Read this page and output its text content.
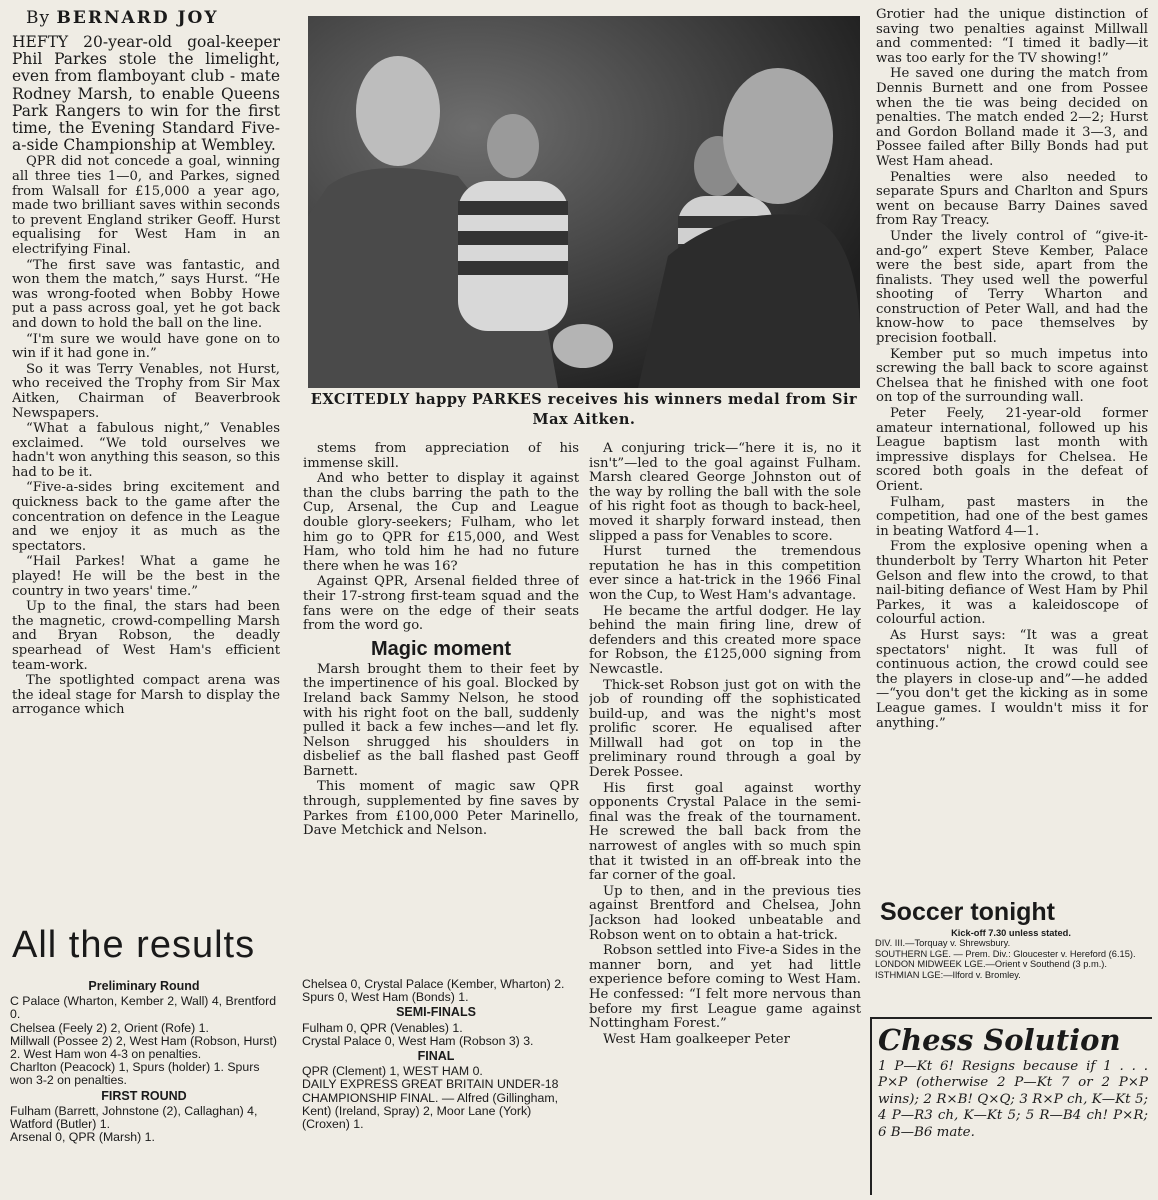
By BERNARD JOY

HEFTY 20-year-old goal-keeper Phil Parkes stole the limelight, even from flamboyant club - mate Rodney Marsh, to enable Queens Park Rangers to win for the first time, the Evening Standard Five-a-side Championship at Wembley.

QPR did not concede a goal, winning all three ties 1—0, and Parkes, signed from Walsall for £15,000 a year ago, made two brilliant saves within seconds to prevent England striker Geoff. Hurst equalising for West Ham in an electrifying Final.

“The first save was fantastic, and won them the match,” says Hurst. “He was wrong-footed when Bobby Howe put a pass across goal, yet he got back and down to hold the ball on the line.

“I'm sure we would have gone on to win if it had gone in.”

So it was Terry Venables, not Hurst, who received the Trophy from Sir Max Aitken, Chairman of Beaverbrook Newspapers.

“What a fabulous night,” Venables exclaimed. “We told ourselves we hadn't won anything this season, so this had to be it.

“Five-a-sides bring excitement and quickness back to the game after the concentration on defence in the League and we enjoy it as much as the spectators.

“Hail Parkes! What a game he played! He will be the best in the country in two years' time.”

Up to the final, the stars had been the magnetic, crowd-compelling Marsh and Bryan Robson, the deadly spearhead of West Ham's efficient team-work.

The spotlighted compact arena was the ideal stage for Marsh to display the arrogance which

EXCITEDLY happy PARKES receives his winners medal from Sir Max Aitken.

stems from appreciation of his immense skill.

And who better to display it against than the clubs barring the path to the Cup, Arsenal, the Cup and League double glory-seekers; Fulham, who let him go to QPR for £15,000, and West Ham, who told him he had no future there when he was 16?

Against QPR, Arsenal fielded three of their 17-strong first-team squad and the fans were on the edge of their seats from the word go.

Magic moment

Marsh brought them to their feet by the impertinence of his goal. Blocked by Ireland back Sammy Nelson, he stood with his right foot on the ball, suddenly pulled it back a few inches—and let fly. Nelson shrugged his shoulders in disbelief as the ball flashed past Geoff Barnett.

This moment of magic saw QPR through, supplemented by fine saves by Parkes from £100,000 Peter Marinello, Dave Metchick and Nelson.

A conjuring trick—“here it is, no it isn't”—led to the goal against Fulham. Marsh cleared George Johnston out of the way by rolling the ball with the sole of his right foot as though to back-heel, moved it sharply forward instead, then slipped a pass for Venables to score.

Hurst turned the tremendous reputation he has in this competition ever since a hat-trick in the 1966 Final won the Cup, to West Ham's advantage.

He became the artful dodger. He lay behind the main firing line, drew of defenders and this created more space for Robson, the £125,000 signing from Newcastle.

Thick-set Robson just got on with the job of rounding off the sophisticated build-up, and was the night's most prolific scorer. He equalised after Millwall had got on top in the preliminary round through a goal by Derek Possee.

His first goal against worthy opponents Crystal Palace in the semi-final was the freak of the tournament. He screwed the ball back from the narrowest of angles with so much spin that it twisted in an off-break into the far corner of the goal.

Up to then, and in the previous ties against Brentford and Chelsea, John Jackson had looked unbeatable and Robson went on to obtain a hat-trick.

Robson settled into Five-a Sides in the manner born, and yet had little experience before coming to West Ham. He confessed: “I felt more nervous than before my first League game against Nottingham Forest.”

West Ham goalkeeper Peter

Grotier had the unique distinction of saving two penalties against Millwall and commented: “I timed it badly—it was too early for the TV showing!”

He saved one during the match from Dennis Burnett and one from Possee when the tie was being decided on penalties. The match ended 2—2; Hurst and Gordon Bolland made it 3—3, and Possee failed after Billy Bonds had put West Ham ahead.

Penalties were also needed to separate Spurs and Charlton and Spurs went on because Barry Daines saved from Ray Treacy.

Under the lively control of “give-it-and-go” expert Steve Kember, Palace were the best side, apart from the finalists. They used well the powerful shooting of Terry Wharton and construction of Peter Wall, and had the know-how to pace themselves by precision football.

Kember put so much impetus into screwing the ball back to score against Chelsea that he finished with one foot on top of the surrounding wall.

Peter Feely, 21-year-old former amateur international, followed up his League baptism last month with impressive displays for Chelsea. He scored both goals in the defeat of Orient.

Fulham, past masters in the competition, had one of the best games in beating Watford 4—1.

From the explosive opening when a thunderbolt by Terry Wharton hit Peter Gelson and flew into the crowd, to that nail-biting defiance of West Ham by Phil Parkes, it was a kaleidoscope of colourful action.

As Hurst says: “It was a great spectators' night. It was full of continuous action, the crowd could see the players in close-up and”—he added—“you don't get the kicking as in some League games. I wouldn't miss it for anything.”

All the results
Preliminary Round
C Palace (Wharton, Kember 2, Wall) 4, Brentford 0.
Chelsea (Feely 2) 2, Orient (Rofe) 1.
Millwall (Possee 2) 2, West Ham (Robson, Hurst) 2. West Ham won 4-3 on penalties.
Charlton (Peacock) 1, Spurs (holder) 1. Spurs won 3-2 on penalties.
FIRST ROUND
Fulham (Barrett, Johnstone (2), Callaghan) 4, Watford (Butler) 1.
Arsenal 0, QPR (Marsh) 1.
Chelsea 0, Crystal Palace (Kember, Wharton) 2.
Spurs 0, West Ham (Bonds) 1.
SEMI-FINALS
Fulham 0, QPR (Venables) 1.
Crystal Palace 0, West Ham (Robson 3) 3.
FINAL
QPR (Clement) 1, WEST HAM 0.
DAILY EXPRESS GREAT BRITAIN UNDER-18 CHAMPIONSHIP FINAL. — Alfred (Gillingham, Kent) (Ireland, Spray) 2, Moor Lane (York) (Croxen) 1.
Soccer tonight
Kick-off 7.30 unless stated.
DIV. III.—Torquay v. Shrewsbury.
SOUTHERN LGE. — Prem. Div.: Gloucester v. Hereford (6.15).
LONDON MIDWEEK LGE.—Orient v Southend (3 p.m.).
ISTHMIAN LGE:—Ilford v. Bromley.
Chess Solution
1 P—Kt 6! Resigns because if 1 . . . P×P (otherwise 2 P—Kt 7 or 2 P×P wins); 2 R×B! Q×Q; 3 R×P ch, K—Kt 5; 4 P—R3 ch, K—Kt 5; 5 R—B4 ch! P×R; 6 B—B6 mate.
